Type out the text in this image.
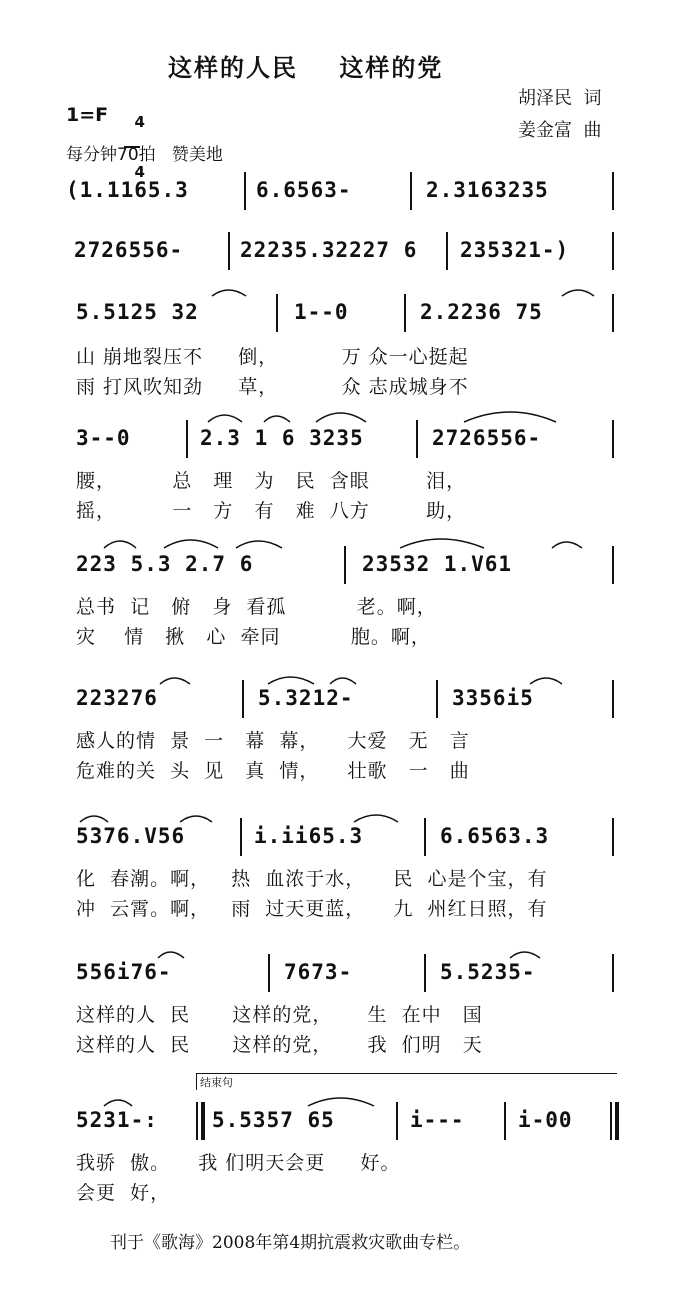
这样的人民    这样的党
胡泽民  词
姜金富  曲
1=F	4

4

每分钟70拍   赞美地
(1.1165.3	6.6563-	2.3163235
2726556-	22235.32227 6 235321-)
5.5125 32	1--0	2.2236 75
山 崩地裂压不     倒，         万 众一心挺起
雨 打风吹知劲     草，         众 志成城身不
3--0	2.3 1 6 3235	2726556-
腰，        总   理   为   民  含眼        泪，
摇，        一   方   有   难  八方        助，
223 5.3 2.7 6	23532 1.V61
总书  记   俯   身  看孤          老。啊，
灾    情   揪   心  牵同          胞。啊，
223276	5.3212-	3356i5
感人的情  景  一   幕  幕，    大爱   无   言
危难的关  头  见   真  情，    壮歌   一   曲
5376.V56	i.ii65.3	6.6563.3
化  春潮。啊，   热  血浓于水，    民  心是个宝，有
冲  云霄。啊，   雨  过天更蓝，    九  州红日照，有
556i76-	7673-	5.5235-
这样的人  民      这样的党，     生  在中   国
这样的人  民      这样的党，     我  们明   天
结束句
5231-:	5.5357 65	i---	i-00
我骄  傲。    我 们明天会更     好。
会更  好，
刊于《歌海》2008年第4期抗震救灾歌曲专栏。
